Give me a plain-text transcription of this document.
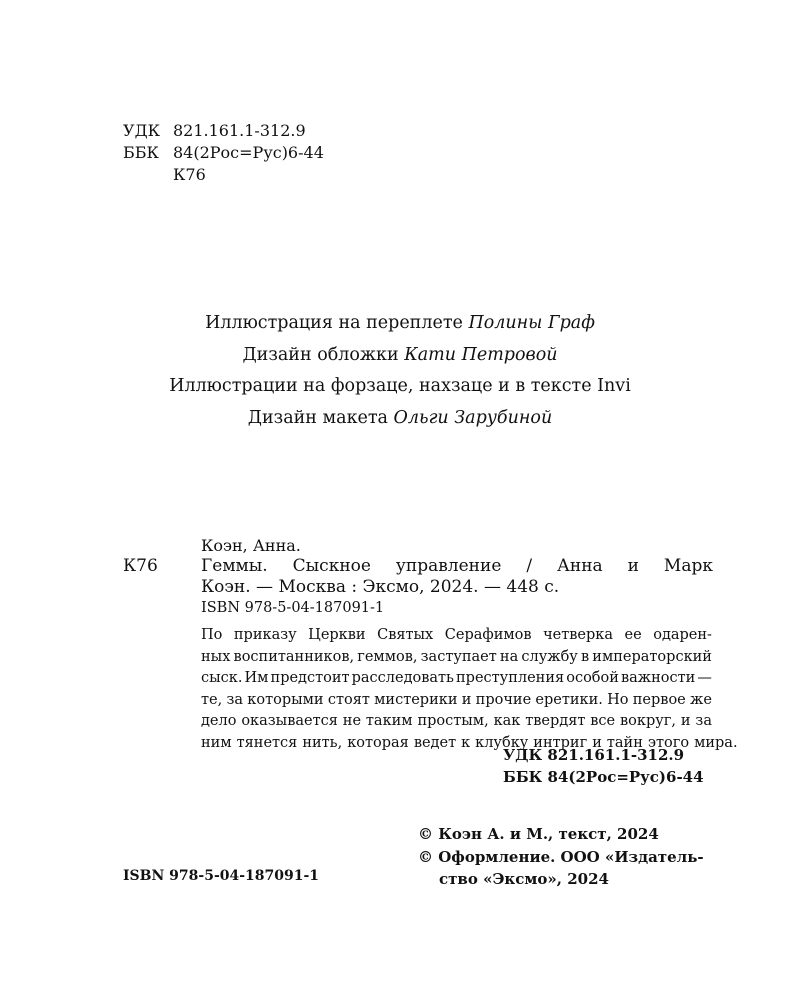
УДК 821.161.1-312.9
ББК 84(2Рос=Рус)6-44
К76
Иллюстрация на переплете Полины Граф
Дизайн обложки Кати Петровой
Иллюстрации на форзаце, нахзаце и в тексте Invi
Дизайн макета Ольги Зарубиной
Коэн, Анна.
К76	Геммы. Сыскное управление / Анна и Марк
Коэн. — Москва : Эксмо, 2024. — 448 с.
ISBN 978-5-04-187091-1
По приказу Церкви Святых Серафимов четверка ее одарен-
ных воспитанников, геммов, заступает на службу в императорский
сыск. Им предстоит расследовать преступления особой важности —
те, за которыми стоят мистерики и прочие еретики. Но первое же
дело оказывается не таким простым, как твердят все вокруг, и за
ним тянется нить, которая ведет к клубку интриг и тайн этого мира.
УДК 821.161.1-312.9
ББК 84(2Рос=Рус)6-44
© Коэн А. и М., текст, 2024
© Оформление. ООО «Издатель-
ство «Эксмо», 2024
ISBN 978-5-04-187091-1
